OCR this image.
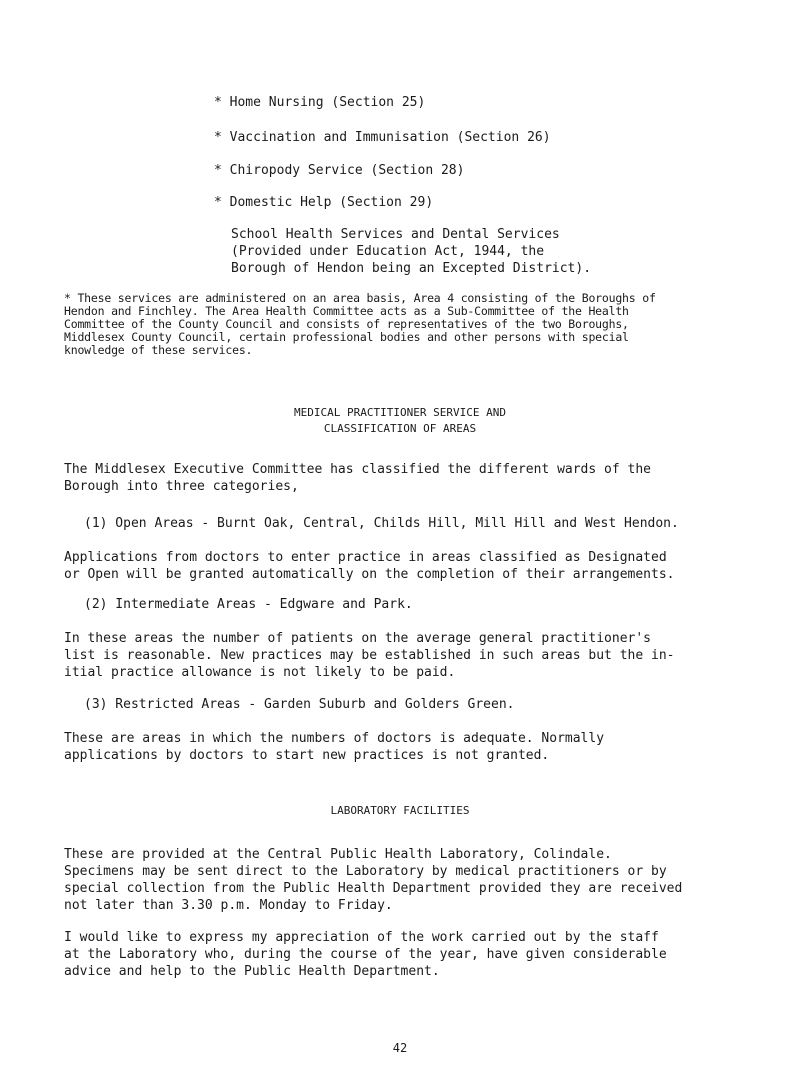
* Home Nursing (Section 25)
* Vaccination and Immunisation (Section 26)
* Chiropody Service (Section 28)
* Domestic Help (Section 29)
School Health Services and Dental Services
(Provided under Education Act, 1944, the
Borough of Hendon being an Excepted District).
* These services are administered on an area basis, Area 4 consisting of the Boroughs of
Hendon and Finchley. The Area Health Committee acts as a Sub-Committee of the Health
Committee of the County Council and consists of representatives of the two Boroughs,
Middlesex County Council, certain professional bodies and other persons with special
knowledge of these services.
MEDICAL PRACTITIONER SERVICE AND
CLASSIFICATION OF AREAS
The Middlesex Executive Committee has classified the different wards of the
Borough into three categories,
(1) Open Areas - Burnt Oak, Central, Childs Hill, Mill Hill and West Hendon.
Applications from doctors to enter practice in areas classified as Designated
or Open will be granted automatically on the completion of their arrangements.
(2) Intermediate Areas - Edgware and Park.
In these areas the number of patients on the average general practitioner's
list is reasonable. New practices may be established in such areas but the in-
itial practice allowance is not likely to be paid.
(3) Restricted Areas - Garden Suburb and Golders Green.
These are areas in which the numbers of doctors is adequate. Normally
applications by doctors to start new practices is not granted.
LABORATORY FACILITIES
These are provided at the Central Public Health Laboratory, Colindale.
Specimens may be sent direct to the Laboratory by medical practitioners or by
special collection from the Public Health Department provided they are received
not later than 3.30 p.m. Monday to Friday.
I would like to express my appreciation of the work carried out by the staff
at the Laboratory who, during the course of the year, have given considerable
advice and help to the Public Health Department.
42
